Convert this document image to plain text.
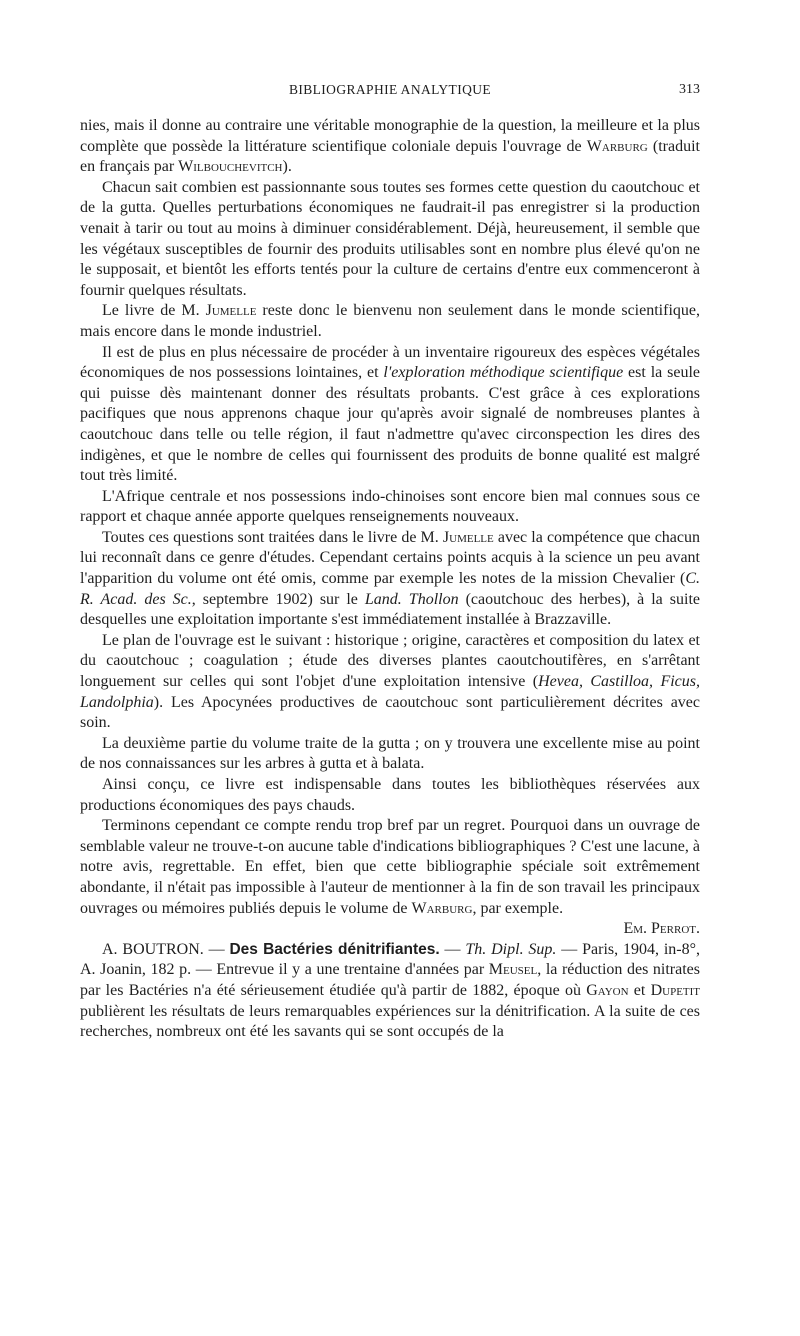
BIBLIOGRAPHIE ANALYTIQUE	313

nies, mais il donne au contraire une véritable monographie de la question, la meilleure et la plus complète que possède la littérature scientifique coloniale depuis l'ouvrage de Warburg (traduit en français par Wilbouchevitch).

Chacun sait combien est passionnante sous toutes ses formes cette question du caoutchouc et de la gutta. Quelles perturbations économiques ne faudrait-il pas enregistrer si la production venait à tarir ou tout au moins à diminuer considérablement. Déjà, heureusement, il semble que les végétaux susceptibles de fournir des produits utilisables sont en nombre plus élevé qu'on ne le supposait, et bientôt les efforts tentés pour la culture de certains d'entre eux commenceront à fournir quelques résultats.

Le livre de M. Jumelle reste donc le bienvenu non seulement dans le monde scientifique, mais encore dans le monde industriel.

Il est de plus en plus nécessaire de procéder à un inventaire rigoureux des espèces végétales économiques de nos possessions lointaines, et l'exploration méthodique scientifique est la seule qui puisse dès maintenant donner des résultats probants. C'est grâce à ces explorations pacifiques que nous apprenons chaque jour qu'après avoir signalé de nombreuses plantes à caoutchouc dans telle ou telle région, il faut n'admettre qu'avec circonspection les dires des indigènes, et que le nombre de celles qui fournissent des produits de bonne qualité est malgré tout très limité.

L'Afrique centrale et nos possessions indo-chinoises sont encore bien mal connues sous ce rapport et chaque année apporte quelques renseignements nouveaux.

Toutes ces questions sont traitées dans le livre de M. Jumelle avec la compétence que chacun lui reconnaît dans ce genre d'études. Cependant certains points acquis à la science un peu avant l'apparition du volume ont été omis, comme par exemple les notes de la mission Chevalier (C. R. Acad. des Sc., septembre 1902) sur le Land. Thollon (caoutchouc des herbes), à la suite desquelles une exploitation importante s'est immédiatement installée à Brazzaville.

Le plan de l'ouvrage est le suivant : historique ; origine, caractères et composition du latex et du caoutchouc ; coagulation ; étude des diverses plantes caoutchoutifères, en s'arrêtant longuement sur celles qui sont l'objet d'une exploitation intensive (Hevea, Castilloa, Ficus, Landolphia). Les Apocynées productives de caoutchouc sont particulièrement décrites avec soin.

La deuxième partie du volume traite de la gutta ; on y trouvera une excellente mise au point de nos connaissances sur les arbres à gutta et à balata.

Ainsi conçu, ce livre est indispensable dans toutes les bibliothèques réservées aux productions économiques des pays chauds.

Terminons cependant ce compte rendu trop bref par un regret. Pourquoi dans un ouvrage de semblable valeur ne trouve-t-on aucune table d'indications bibliographiques ? C'est une lacune, à notre avis, regrettable. En effet, bien que cette bibliographie spéciale soit extrêmement abondante, il n'était pas impossible à l'auteur de mentionner à la fin de son travail les principaux ouvrages ou mémoires publiés depuis le volume de Warburg, par exemple.

Em. Perrot.

A. BOUTRON. — Des Bactéries dénitrifiantes. — Th. Dipl. Sup. — Paris, 1904, in-8°, A. Joanin, 182 p. — Entrevue il y a une trentaine d'années par Meusel, la réduction des nitrates par les Bactéries n'a été sérieusement étudiée qu'à partir de 1882, époque où Gayon et Dupetit publièrent les résultats de leurs remarquables expériences sur la dénitrification. A la suite de ces recherches, nombreux ont été les savants qui se sont occupés de la
